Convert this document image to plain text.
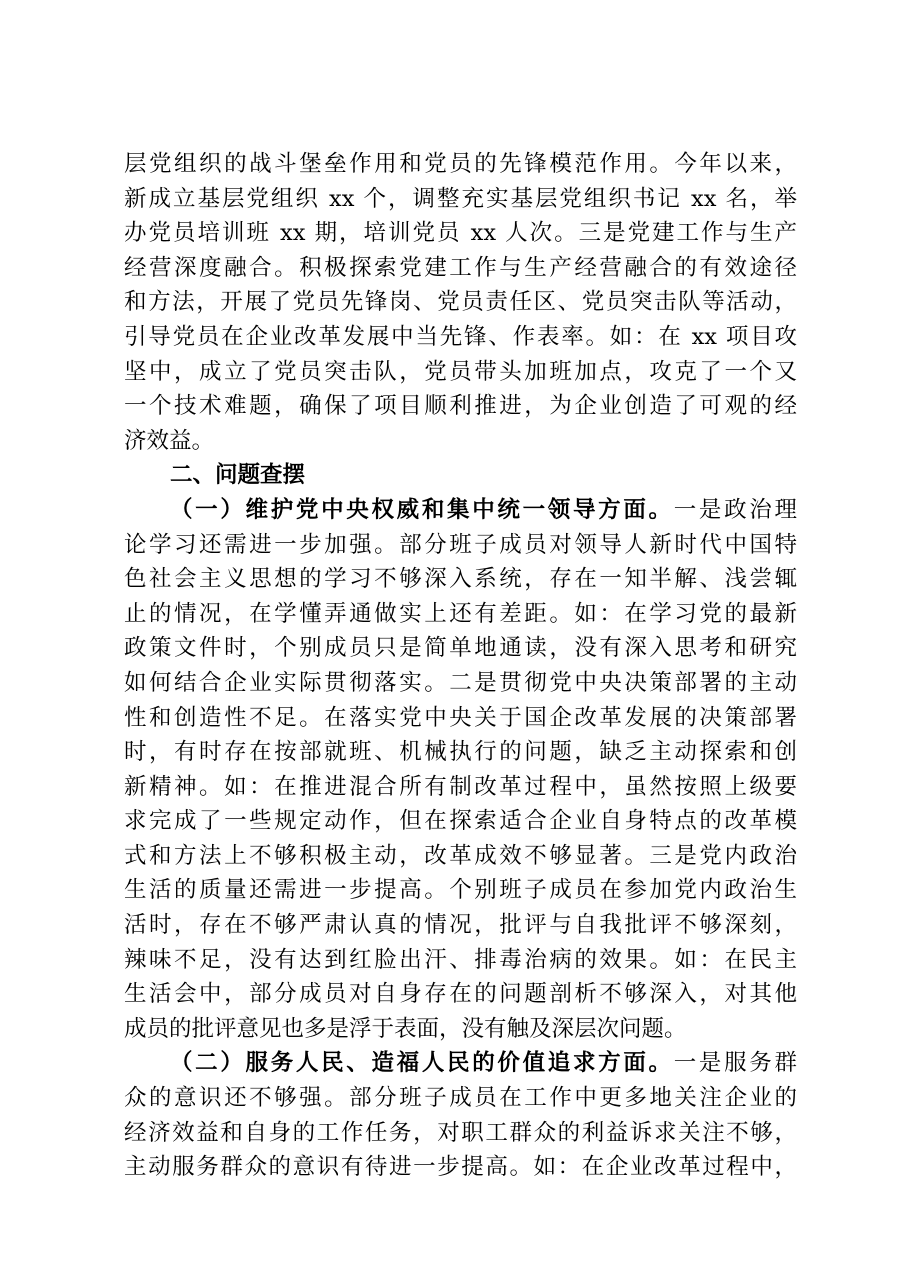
层党组织的战斗堡垒作用和党员的先锋模范作用。今年以来，
新成立基层党组织 xx 个，调整充实基层党组织书记 xx 名，举
办党员培训班 xx 期，培训党员 xx 人次。三是党建工作与生产
经营深度融合。积极探索党建工作与生产经营融合的有效途径
和方法，开展了党员先锋岗、党员责任区、党员突击队等活动，
引导党员在企业改革发展中当先锋、作表率。如：在 xx 项目攻
坚中，成立了党员突击队，党员带头加班加点，攻克了一个又
一个技术难题，确保了项目顺利推进，为企业创造了可观的经
济效益。
二、问题查摆
（一）维护党中央权威和集中统一领导方面。一是政治理
论学习还需进一步加强。部分班子成员对领导人新时代中国特
色社会主义思想的学习不够深入系统，存在一知半解、浅尝辄
止的情况，在学懂弄通做实上还有差距。如：在学习党的最新
政策文件时，个别成员只是简单地通读，没有深入思考和研究
如何结合企业实际贯彻落实。二是贯彻党中央决策部署的主动
性和创造性不足。在落实党中央关于国企改革发展的决策部署
时，有时存在按部就班、机械执行的问题，缺乏主动探索和创
新精神。如：在推进混合所有制改革过程中，虽然按照上级要
求完成了一些规定动作，但在探索适合企业自身特点的改革模
式和方法上不够积极主动，改革成效不够显著。三是党内政治
生活的质量还需进一步提高。个别班子成员在参加党内政治生
活时，存在不够严肃认真的情况，批评与自我批评不够深刻，
辣味不足，没有达到红脸出汗、排毒治病的效果。如：在民主
生活会中，部分成员对自身存在的问题剖析不够深入，对其他
成员的批评意见也多是浮于表面，没有触及深层次问题。
（二）服务人民、造福人民的价值追求方面。一是服务群
众的意识还不够强。部分班子成员在工作中更多地关注企业的
经济效益和自身的工作任务，对职工群众的利益诉求关注不够，
主动服务群众的意识有待进一步提高。如：在企业改革过程中，
